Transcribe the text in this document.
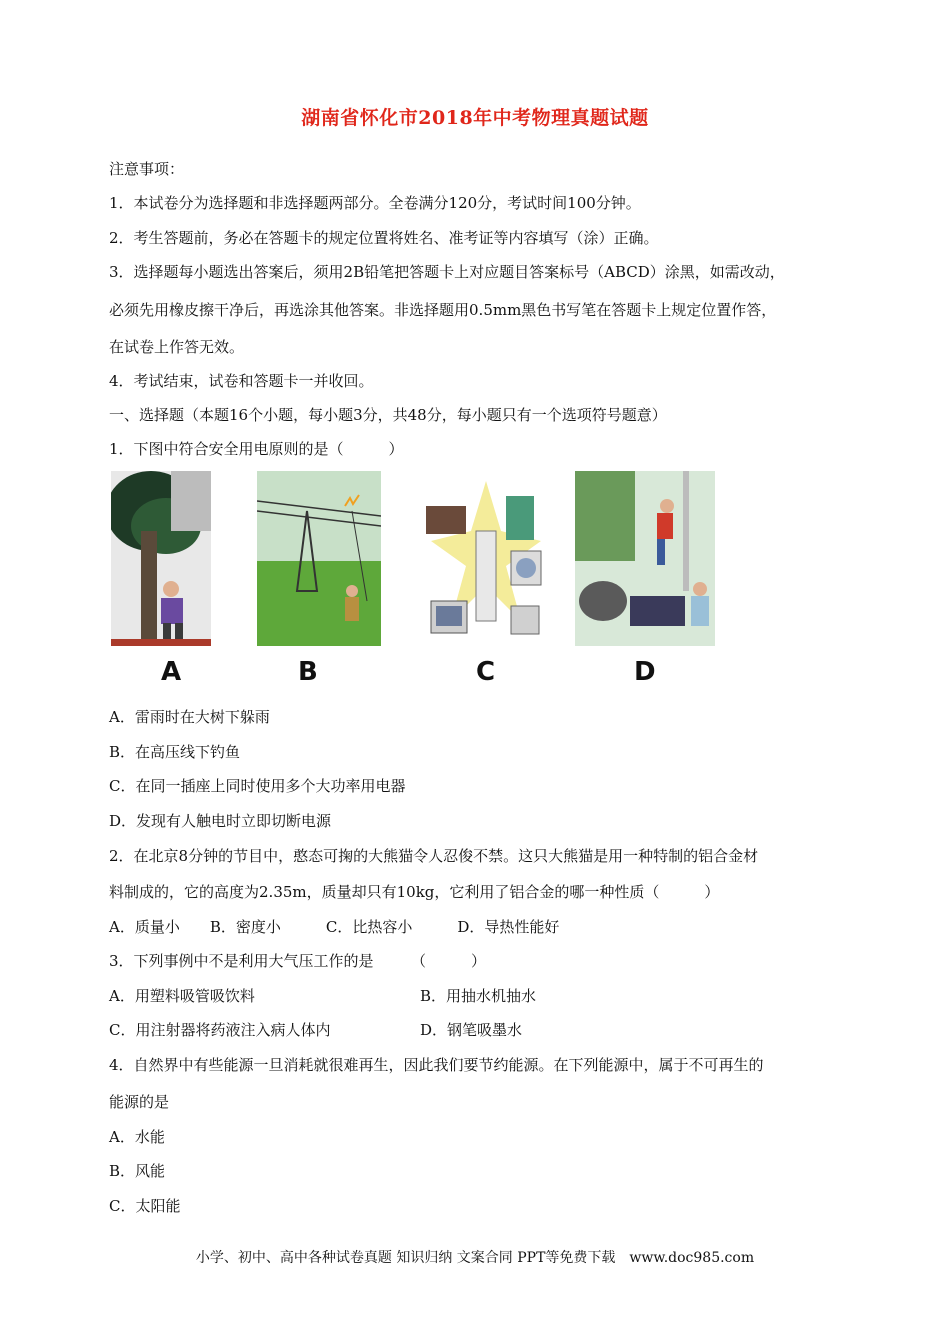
湖南省怀化市2018年中考物理真题试题
注意事项：
1．本试卷分为选择题和非选择题两部分。全卷满分120分，考试时间100分钟。
2．考生答题前，务必在答题卡的规定位置将姓名、准考证等内容填写（涂）正确。
3．选择题每小题选出答案后，须用2B铅笔把答题卡上对应题目答案标号（ABCD）涂黑，如需改动，
必须先用橡皮擦干净后，再选涂其他答案。非选择题用0.5mm黑色书写笔在答题卡上规定位置作答，
在试卷上作答无效。
4．考试结束，试卷和答题卡一并收回。
一、选择题（本题16个小题，每小题3分，共48分，每小题只有一个选项符号题意）
1．下图中符合安全用电原则的是（　　　）
A	B	C	D
A．雷雨时在大树下躲雨
B．在高压线下钓鱼
C．在同一插座上同时使用多个大功率用电器
D．发现有人触电时立即切断电源
2．在北京8分钟的节目中，憨态可掬的大熊猫令人忍俊不禁。这只大熊猫是用一种特制的铝合金材
料制成的，它的高度为2.35m，质量却只有10kg，它利用了铝合金的哪一种性质（　　　）
A．质量小　　B．密度小　　　C．比热容小　　　D．导热性能好
3．下列事例中不是利用大气压工作的是　　　（　　　）
A．用塑料吸管吸饮料	B．用抽水机抽水
C．用注射器将药液注入病人体内	D．钢笔吸墨水
4．自然界中有些能源一旦消耗就很难再生，因此我们要节约能源。在下列能源中，属于不可再生的
能源的是
A．水能
B．风能
C．太阳能
小学、初中、高中各种试卷真题 知识归纳 文案合同 PPT等免费下载　www.doc985.com
